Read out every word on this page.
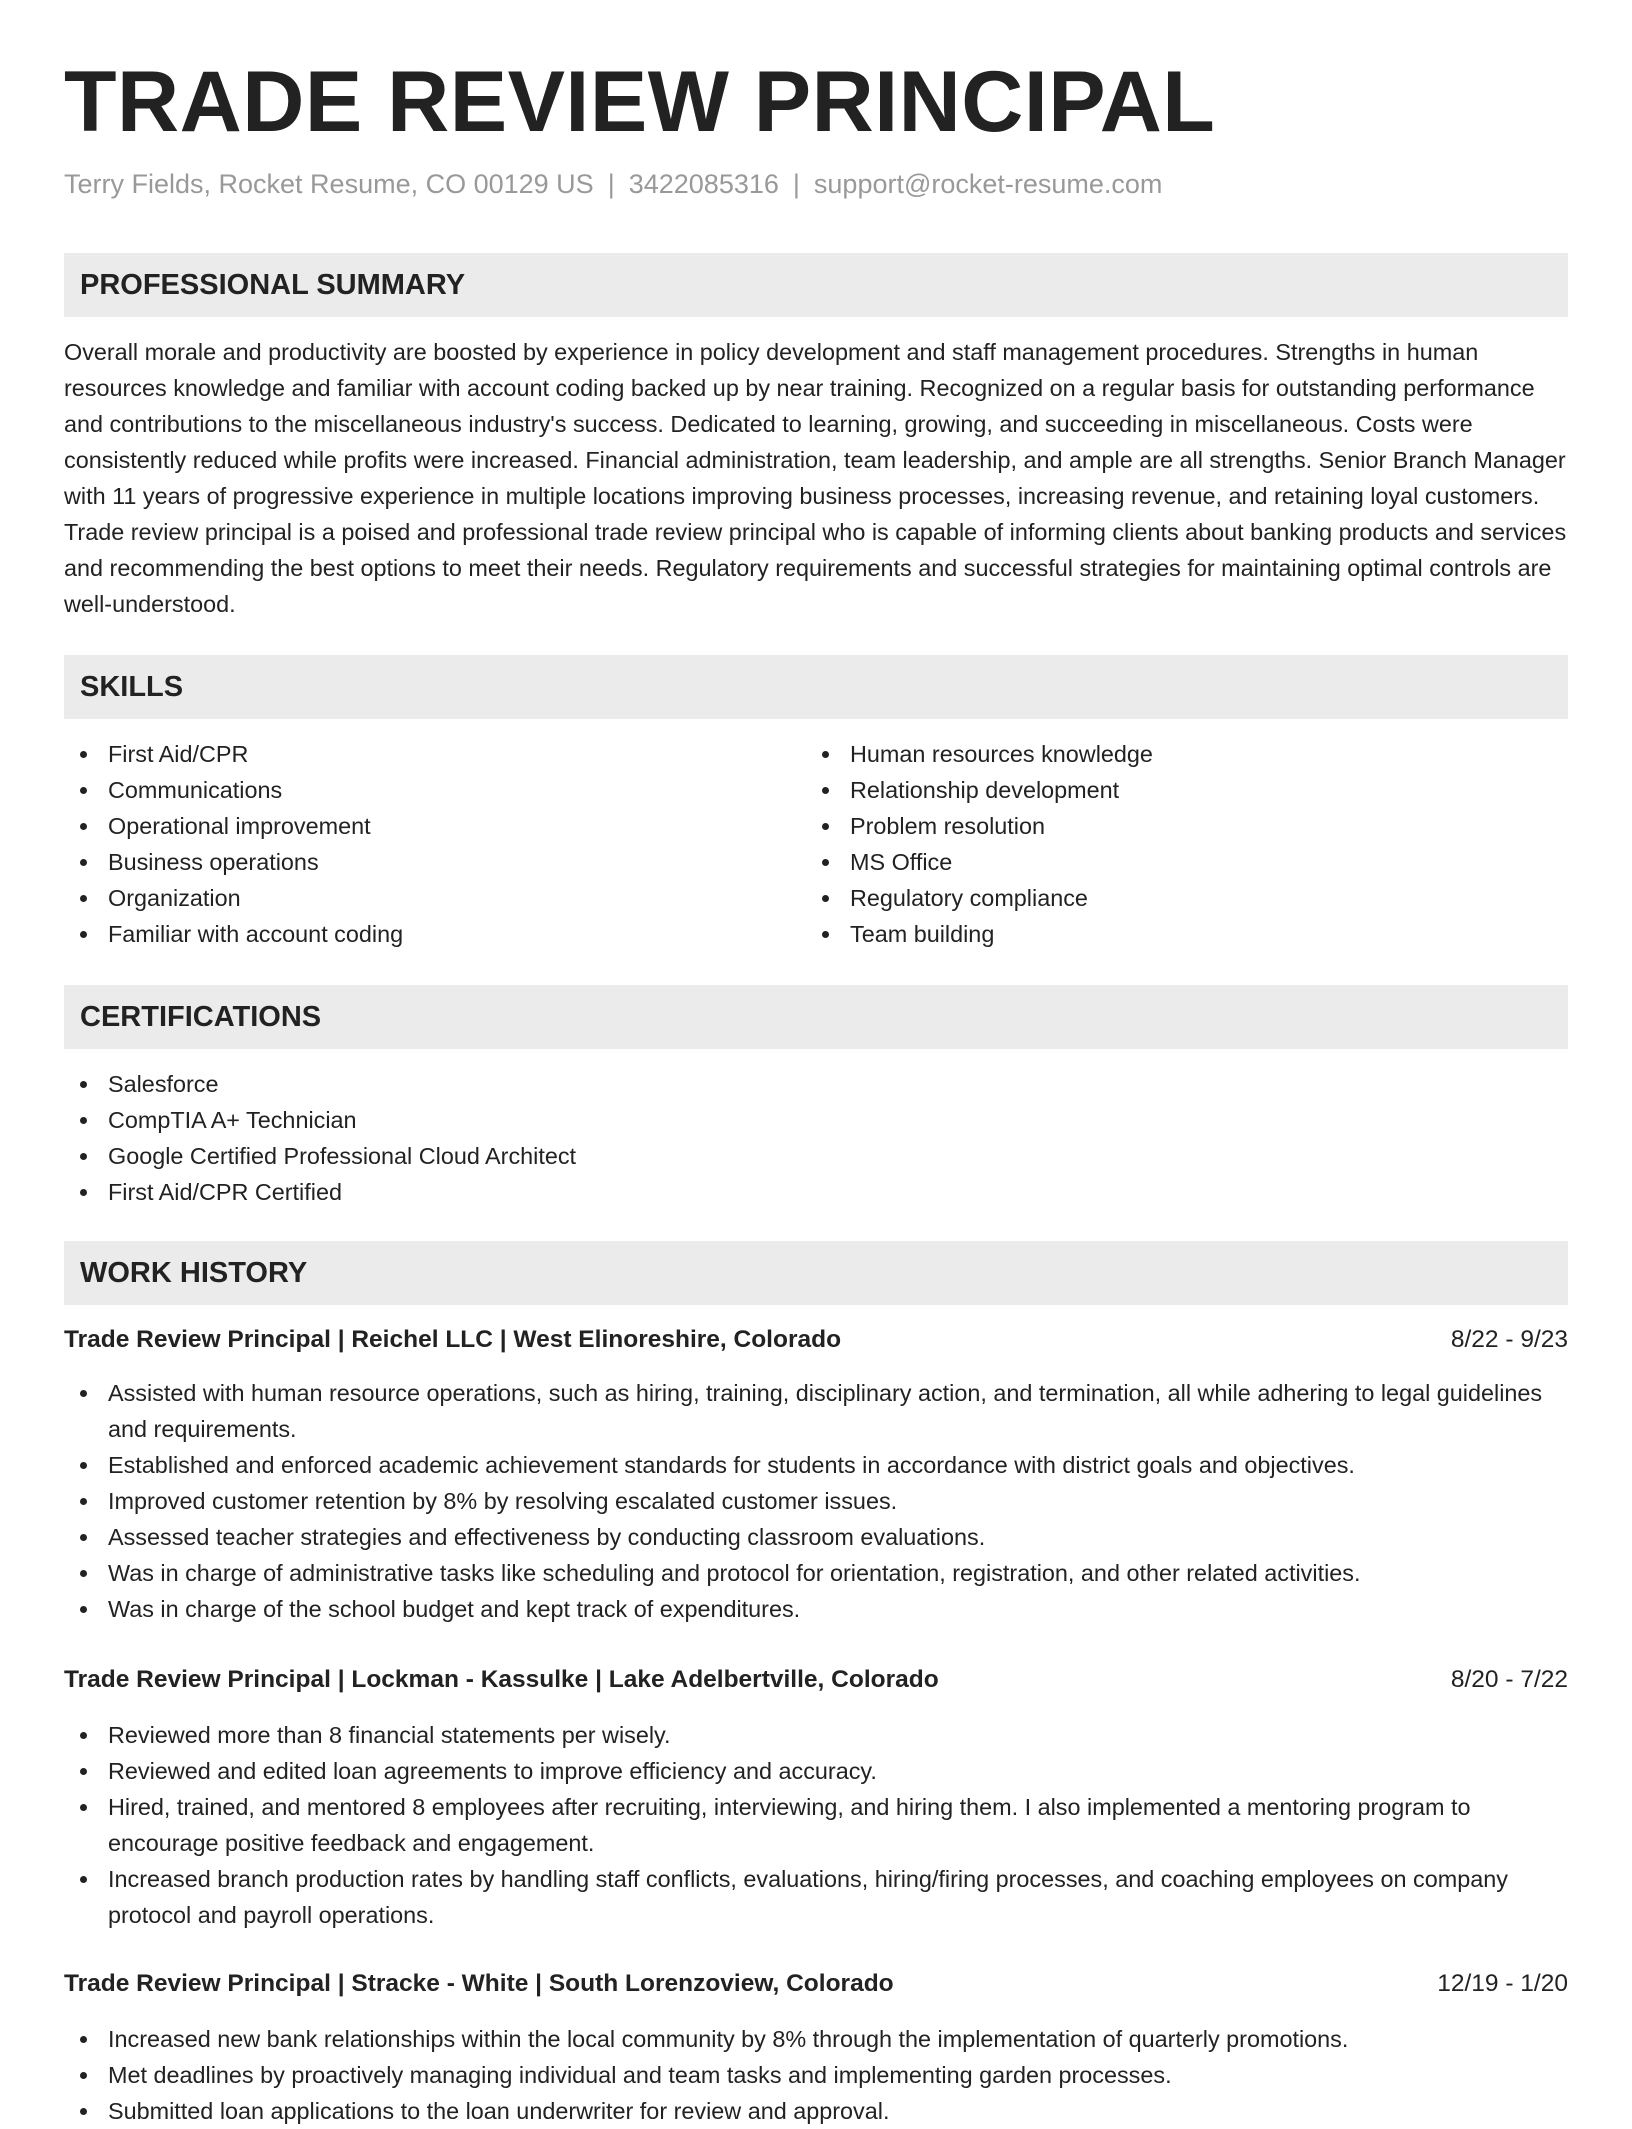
TRADE REVIEW PRINCIPAL
Terry Fields, Rocket Resume, CO 00129 US | 3422085316 | support@rocket-resume.com
PROFESSIONAL SUMMARY

Overall morale and productivity are boosted by experience in policy development and staff management procedures. Strengths in human resources knowledge and familiar with account coding backed up by near training. Recognized on a regular basis for outstanding performance and contributions to the miscellaneous industry's success. Dedicated to learning, growing, and succeeding in miscellaneous. Costs were consistently reduced while profits were increased. Financial administration, team leadership, and ample are all strengths. Senior Branch Manager with 11 years of progressive experience in multiple locations improving business processes, increasing revenue, and retaining loyal customers. Trade review principal is a poised and professional trade review principal who is capable of informing clients about banking products and services and recommending the best options to meet their needs. Regulatory requirements and successful strategies for maintaining optimal controls are well-understood.

SKILLS
First Aid/CPR
Communications
Operational improvement
Business operations
Organization
Familiar with account coding
Human resources knowledge
Relationship development
Problem resolution
MS Office
Regulatory compliance
Team building
CERTIFICATIONS
Salesforce
CompTIA A+ Technician
Google Certified Professional Cloud Architect
First Aid/CPR Certified
WORK HISTORY
Trade Review Principal | Reichel LLC | West Elinoreshire, Colorado	8/22 - 9/23
Assisted with human resource operations, such as hiring, training, disciplinary action, and termination, all while adhering to legal guidelines and requirements.
Established and enforced academic achievement standards for students in accordance with district goals and objectives.
Improved customer retention by 8% by resolving escalated customer issues.
Assessed teacher strategies and effectiveness by conducting classroom evaluations.
Was in charge of administrative tasks like scheduling and protocol for orientation, registration, and other related activities.
Was in charge of the school budget and kept track of expenditures.
Trade Review Principal | Lockman - Kassulke | Lake Adelbertville, Colorado	8/20 - 7/22
Reviewed more than 8 financial statements per wisely.
Reviewed and edited loan agreements to improve efficiency and accuracy.
Hired, trained, and mentored 8 employees after recruiting, interviewing, and hiring them. I also implemented a mentoring program to encourage positive feedback and engagement.
Increased branch production rates by handling staff conflicts, evaluations, hiring/firing processes, and coaching employees on company protocol and payroll operations.
Trade Review Principal | Stracke - White | South Lorenzoview, Colorado	12/19 - 1/20
Increased new bank relationships within the local community by 8% through the implementation of quarterly promotions.
Met deadlines by proactively managing individual and team tasks and implementing garden processes.
Submitted loan applications to the loan underwriter for review and approval.
